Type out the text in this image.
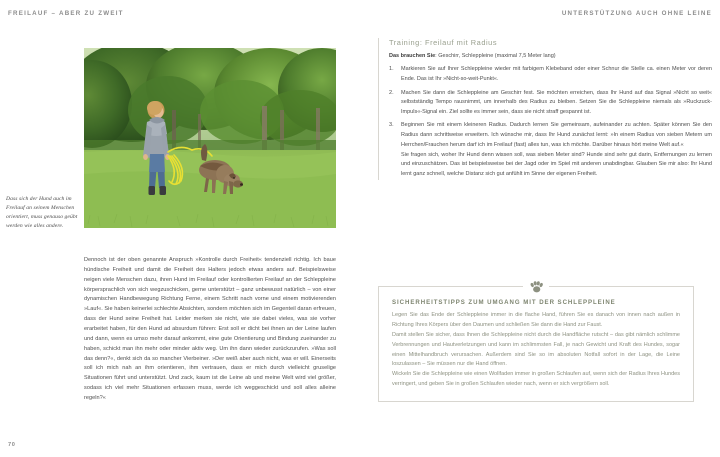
FREILAUF – ABER ZU ZWEIT	UNTERSTÜTZUNG AUCH OHNE LEINE
Dass sich der Hund auch im Freilauf an seinem Menschen orientiert, muss genauso geübt werden wie alles andere.

Dennoch ist der oben genannte Anspruch »Kontrolle durch Freiheit« tendenziell richtig. Ich baue hündische Freiheit und damit die Freiheit des Halters jedoch etwas anders auf. Beispielsweise neigen viele Menschen dazu, ihren Hund im Freilauf oder kontrollierten Freilauf an der Schleppleine körpersprachlich von sich wegzuschicken, gerne unterstützt – ganz unbewusst natürlich – von einer dynamischen Handbewegung Richtung Ferne, einem Schritt nach vorne und einem motivierenden »Lauf«. Sie haben keinerlei schlechte Absichten, sondern möchten sich im Gegenteil daran erfreuen, dass der Hund seine Freiheit hat. Leider merken sie nicht, wie sie dabei vieles, was sie vorher erarbeitet haben, für den Hund ad absurdum führen: Erst soll er dicht bei ihnen an der Leine laufen und dann, wenn es umso mehr darauf ankommt, eine gute Orientierung und Bindung zueinander zu haben, schickt man ihn mehr oder minder aktiv weg. Um ihn dann wieder zurückzurufen. »Was soll das denn?«, denkt sich da so mancher Vierbeiner. »Der weiß aber auch nicht, was er will. Einerseits soll ich mich nah an ihm orientieren, ihm vertrauen, dass er mich durch vielleicht gruselige Situationen führt und unterstützt. Und zack, kaum ist die Leine ab und meine Welt wird viel größer, sodass ich viel mehr Situationen erfassen muss, werde ich weggeschickt und soll alles alleine regeln?«

70
Training: Freilauf mit Radius

Das brauchen Sie: Geschirr, Schleppleine (maximal 7,5 Meter lang)

Markieren Sie auf Ihrer Schleppleine wieder mit farbigem Klebeband oder einer Schnur die Stelle ca. einen Meter vor deren Ende. Das ist Ihr »Nicht-so-weit-Punkt«.

Machen Sie dann die Schleppleine am Geschirr fest. Sie möchten erreichen, dass Ihr Hund auf das Signal »Nicht so weit« selbstständig Tempo rausnimmt, um innerhalb des Radius zu bleiben. Setzen Sie die Schleppleine niemals als »Ruckzuck-Impuls«-Signal ein. Ziel sollte es immer sein, dass sie nicht straff gespannt ist.

Beginnen Sie mit einem kleineren Radius. Dadurch lernen Sie gemeinsam, aufeinander zu achten. Später können Sie den Radius dann schrittweise erweitern. Ich wünsche mir, dass Ihr Hund zunächst lernt: »In einem Radius von sieben Metern um Herrchen/Frauchen herum darf ich im Freilauf (fast) alles tun, was ich möchte. Darüber hinaus hört meine Welt auf.«

Sie fragen sich, woher Ihr Hund denn wissen soll, was sieben Meter sind? Hunde sind sehr gut darin, Entfernungen zu lernen und einzuschätzen. Das ist beispielsweise bei der Jagd oder im Spiel mit anderen unabdingbar. Glauben Sie mir also: Ihr Hund lernt ganz schnell, welche Distanz sich gut anfühlt im Sinne der eigenen Freiheit.

SICHERHEITSTIPPS ZUM UMGANG MIT DER SCHLEPPLEINE

Legen Sie das Ende der Schleppleine immer in die flache Hand, führen Sie es danach von innen nach außen in Richtung Ihres Körpers über den Daumen und schließen Sie dann die Hand zur Faust.

Damit stellen Sie sicher, dass Ihnen die Schleppleine nicht durch die Handfläche rutscht – das gibt nämlich schlimme Verbrennungen und Hautverletzungen und kann im schlimmsten Fall, je nach Gewicht und Kraft des Hundes, sogar einen Mittelhandbruch verursachen. Außerdem sind Sie so im absoluten Notfall sofort in der Lage, die Leine loszulassen – Sie müssen nur die Hand öffnen.

Wickeln Sie die Schleppleine wie einen Wollfaden immer in großen Schlaufen auf, wenn sich der Radius Ihres Hundes verringert, und geben Sie in großen Schlaufen wieder nach, wenn er sich vergrößern soll.
